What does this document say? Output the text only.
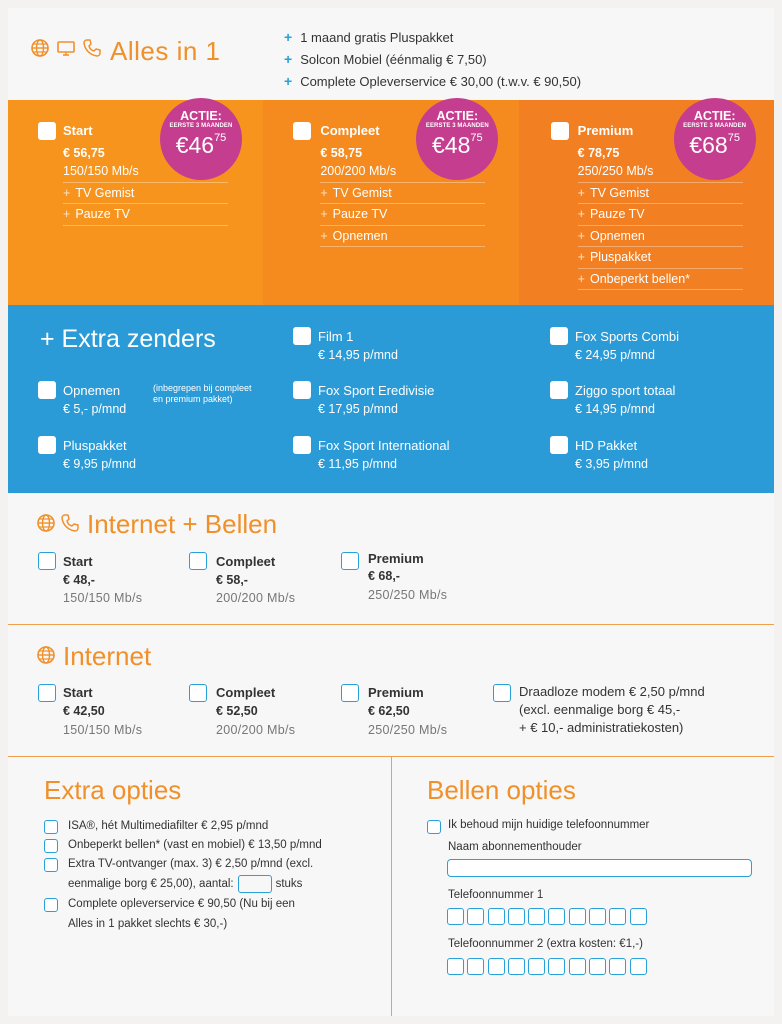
Alles in 1	+ 1 maand gratis Pluspakket
+ Solcon Mobiel (éénmalig € 7,50)
+ Complete Opleverservice € 30,00 (t.w.v. € 90,50)
Start
€ 56,75
150/150 Mb/s
+ TV Gemist
+ Pauze TV
ACTIE:
EERSTE 3 MAANDEN
$€46^{75}$	Compleet
€ 58,75
200/200 Mb/s
+ TV Gemist
+ Pauze TV
+ Opnemen
ACTIE:
EERSTE 3 MAANDEN
$€48^{75}$	Premium
€ 78,75
250/250 Mb/s
+ TV Gemist
+ Pauze TV
+ Opnemen
+ Pluspakket
+ Onbeperkt bellen*
ACTIE:
EERSTE 3 MAANDEN
$€68^{75}$
+ Extra zenders
Opnemen
€ 5,- p/mnd
(inbegrepen bij compleet en premium pakket)
Pluspakket
€ 9,95 p/mnd
Film 1
€ 14,95 p/mnd
Fox Sport Eredivisie
€ 17,95 p/mnd
Fox Sport International
€ 11,95 p/mnd
Fox Sports Combi
€ 24,95 p/mnd
Ziggo sport totaal
€ 14,95 p/mnd
HD Pakket
€ 3,95 p/mnd
Internet + Bellen
Start
€ 48,-
150/150 Mb/s
Compleet
€ 58,-
200/200 Mb/s
Premium
€ 68,-
250/250 Mb/s
Internet
Start
€ 42,50
150/150 Mb/s
Compleet
€ 52,50
200/200 Mb/s
Premium
€ 62,50
250/250 Mb/s
Draadloze modem € 2,50 p/mnd
(excl. eenmalige borg € 45,-
+ € 10,- administratiekosten)
Extra opties
ISA®, hét Multimediafilter € 2,95 p/mnd
Onbeperkt bellen* (vast en mobiel) € 13,50 p/mnd
Extra TV-ontvanger (max. 3) € 2,50 p/mnd (excl.
eenmalige borg € 25,00), aantal:	stuks
Complete opleverservice € 90,50 (Nu bij een
Alles in 1 pakket slechts € 30,-)
Bellen opties
Ik behoud mijn huidige telefoonnummer
Naam abonnementhouder
Telefoonnummer 1
Telefoonnummer 2 (extra kosten: €1,-)
